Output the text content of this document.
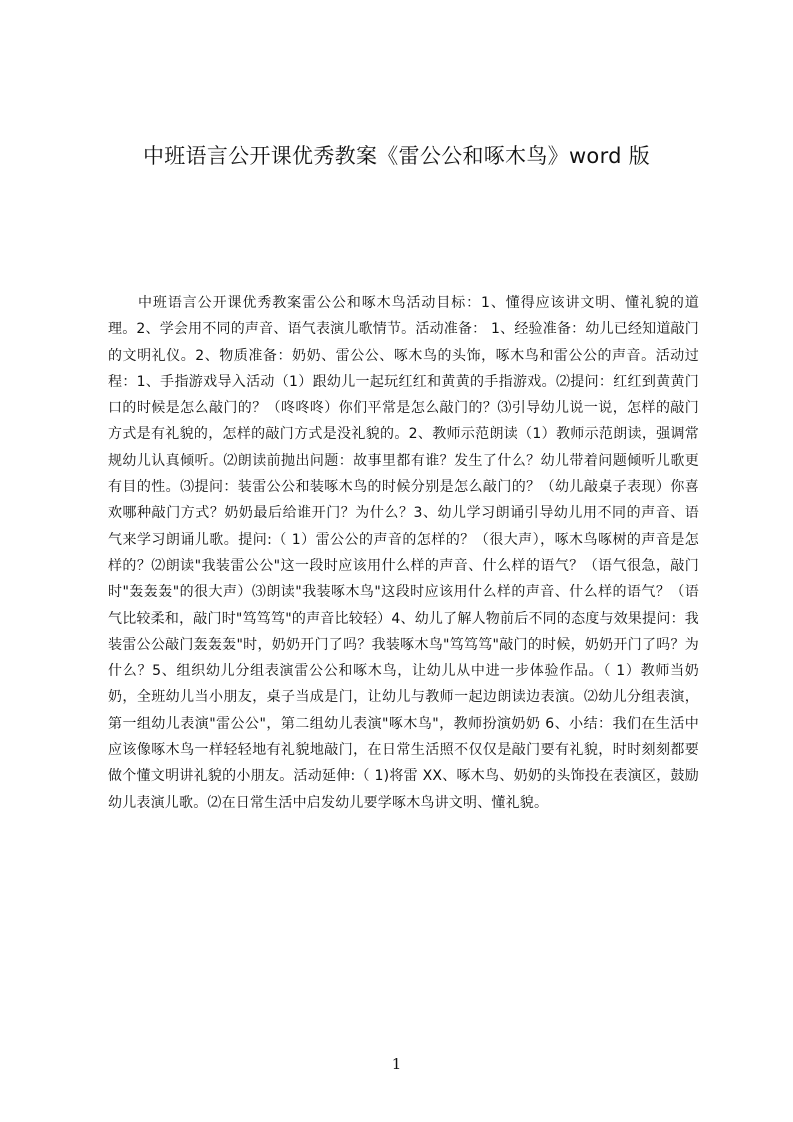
中班语言公开课优秀教案《雷公公和啄木鸟》word 版

中班语言公开课优秀教案雷公公和啄木鸟活动目标：1、懂得应该讲文明、懂礼貌的道理。2、学会用不同的声音、语气表演儿歌情节。活动准备： 1、经验准备：幼儿已经知道敲门的文明礼仪。2、物质准备：奶奶、雷公公、啄木鸟的头饰，啄木鸟和雷公公的声音。活动过程：1、手指游戏导入活动（1）跟幼儿一起玩红红和黄黄的手指游戏。⑵提问：红红到黄黄门口的时候是怎么敲门的？（咚咚咚）你们平常是怎么敲门的？⑶引导幼儿说一说，怎样的敲门方式是有礼貌的，怎样的敲门方式是没礼貌的。2、教师示范朗读（1）教师示范朗读，强调常规幼儿认真倾听。⑵朗读前抛出问题：故事里都有谁？发生了什么？幼儿带着问题倾听儿歌更有目的性。⑶提问：装雷公公和装啄木鸟的时候分别是怎么敲门的？（幼儿敲桌子表现）你喜欢哪种敲门方式？奶奶最后给谁开门？为什么？3、幼儿学习朗诵引导幼儿用不同的声音、语气来学习朗诵儿歌。提问:（ 1）雷公公的声音的怎样的？（很大声），啄木鸟啄树的声音是怎样的？⑵朗读"我装雷公公"这一段时应该用什么样的声音、什么样的语气？（语气很急，敲门时"轰轰轰"的很大声）⑶朗读"我装啄木鸟"这段时应该用什么样的声音、什么样的语气？（语气比较柔和，敲门时"笃笃笃"的声音比较轻）4、幼儿了解人物前后不同的态度与效果提问：我装雷公公敲门轰轰轰"时，奶奶开门了吗？我装啄木鸟"笃笃笃"敲门的时候，奶奶开门了吗？为什么？5、组织幼儿分组表演雷公公和啄木鸟，让幼儿从中进一步体验作品。（ 1）教师当奶奶，全班幼儿当小朋友，桌子当成是门，让幼儿与教师一起边朗读边表演。⑵幼儿分组表演，第一组幼儿表演"雷公公"，第二组幼儿表演"啄木鸟"，教师扮演奶奶 6、小结：我们在生活中应该像啄木鸟一样轻轻地有礼貌地敲门，在日常生活照不仅仅是敲门要有礼貌，时时刻刻都要做个懂文明讲礼貌的小朋友。活动延伸:（ 1)将雷 XX、啄木鸟、奶奶的头饰投在表演区，鼓励幼儿表演儿歌。⑵在日常生活中启发幼儿要学啄木鸟讲文明、懂礼貌。

1
